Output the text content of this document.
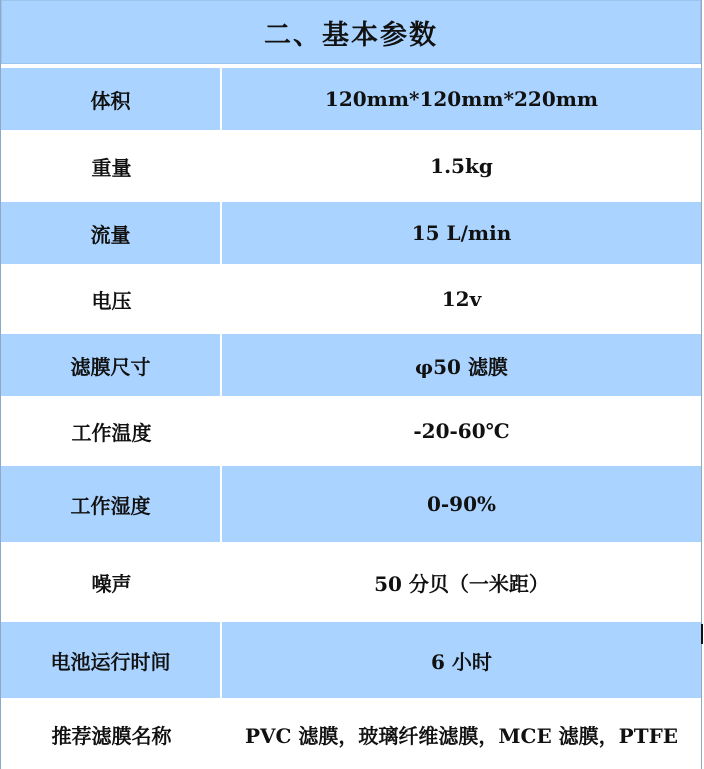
二、基本参数
体积	120mm*120mm*220mm
重量	1.5kg
流量	15 L/min
电压	12v
滤膜尺寸	φ50 滤膜
工作温度	-20-60℃
工作湿度	0-90%
噪声	50 分贝（一米距）
电池运行时间	6 小时
推荐滤膜名称	PVC 滤膜，玻璃纤维滤膜，MCE 滤膜，PTFE
